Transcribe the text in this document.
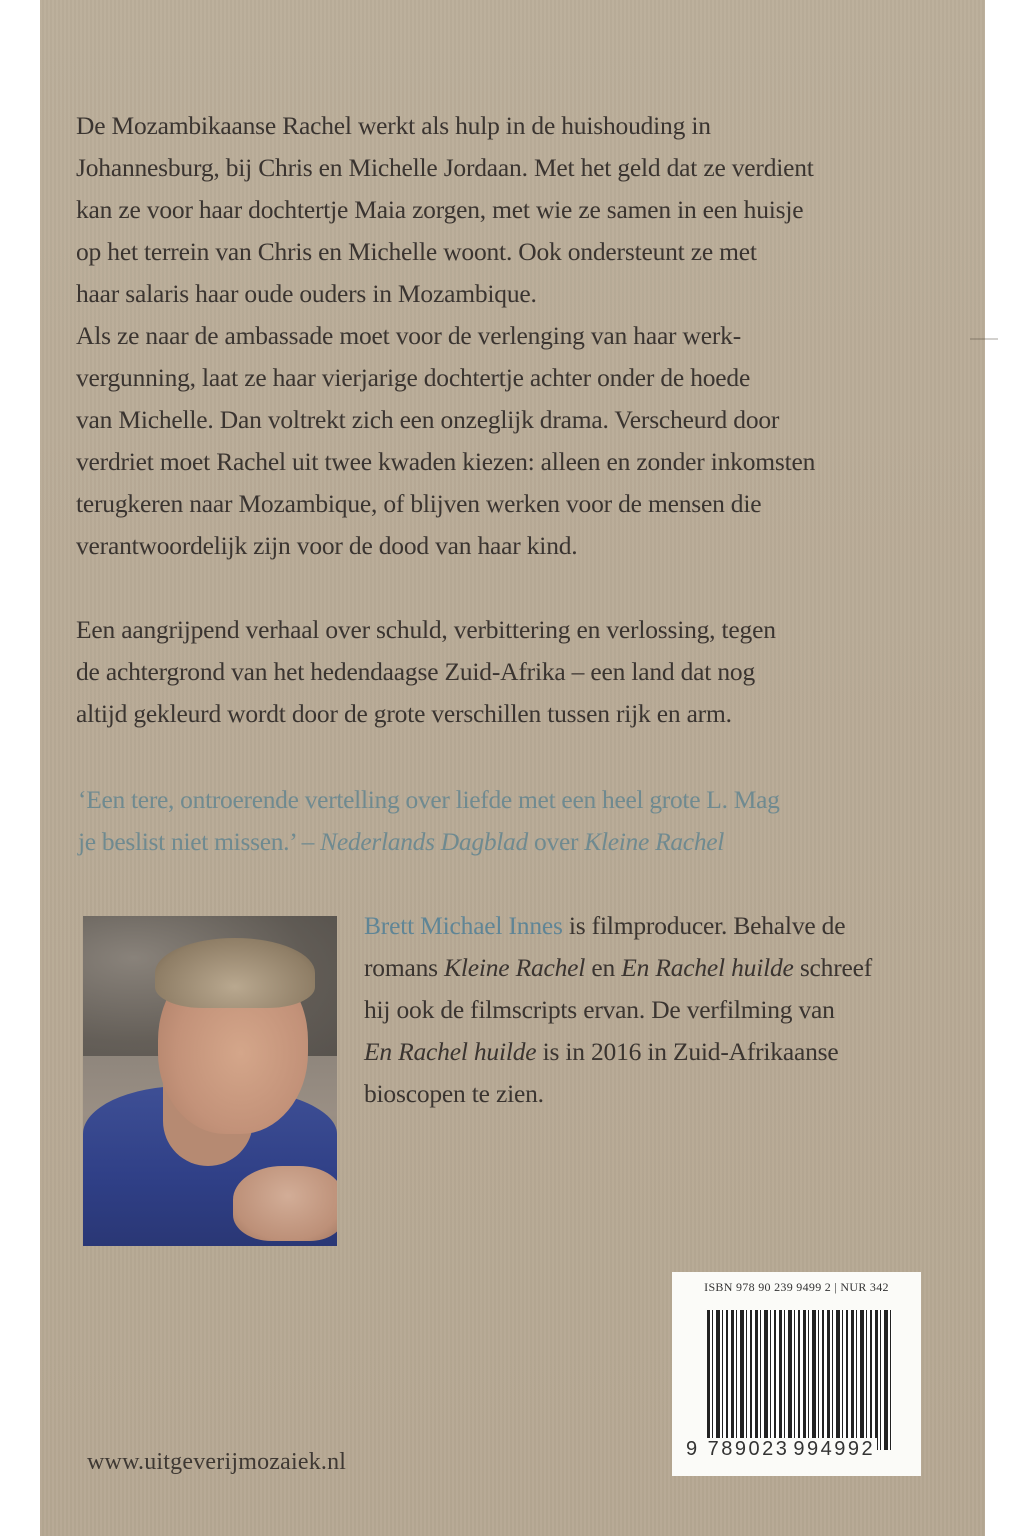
De Mozambikaanse Rachel werkt als hulp in de huishouding in
Johannesburg, bij Chris en Michelle Jordaan. Met het geld dat ze verdient
kan ze voor haar dochtertje Maia zorgen, met wie ze samen in een huisje
op het terrein van Chris en Michelle woont. Ook ondersteunt ze met
haar salaris haar oude ouders in Mozambique.

Als ze naar de ambassade moet voor de verlenging van haar werk-
vergunning, laat ze haar vierjarige dochtertje achter onder de hoede
van Michelle. Dan voltrekt zich een onzeglijk drama. Verscheurd door
verdriet moet Rachel uit twee kwaden kiezen: alleen en zonder inkomsten
terugkeren naar Mozambique, of blijven werken voor de mensen die
verantwoordelijk zijn voor de dood van haar kind.

Een aangrijpend verhaal over schuld, verbittering en verlossing, tegen
de achtergrond van het hedendaagse Zuid-Afrika – een land dat nog
altijd gekleurd wordt door de grote verschillen tussen rijk en arm.

‘Een tere, ontroerende vertelling over liefde met een heel grote L. Mag
je beslist niet missen.’ – Nederlands Dagblad over Kleine Rachel

Brett Michael Innes is filmproducer. Behalve de
romans Kleine Rachel en En Rachel huilde schreef
hij ook de filmscripts ervan. De verfilming van
En Rachel huilde is in 2016 in Zuid-Afrikaanse
bioscopen te zien.

ISBN 978 90 239 9499 2 | NUR 342
9 789023 994992
www.uitgeverijmozaiek.nl
